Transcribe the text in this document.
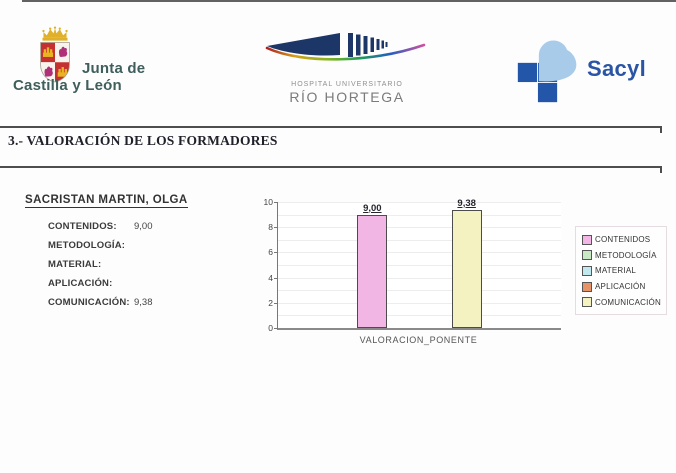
Junta de
Castilla y León	HOSPITAL UNIVERSITARIO
RÍO HORTEGA
Sacyl
3.- VALORACIÓN DE LOS FORMADORES
SACRISTAN MARTIN, OLGA
CONTENIDOS:	9,00
METODOLOGÍA:
MATERIAL:
APLICACIÓN:
COMUNICACIÓN: 9,38
9,00	9,38
VALORACION_PONENTE
CONTENIDOS
METODOLOGÍA
MATERIAL
APLICACIÓN
COMUNICACIÓN
0
2
4
6
8
10
